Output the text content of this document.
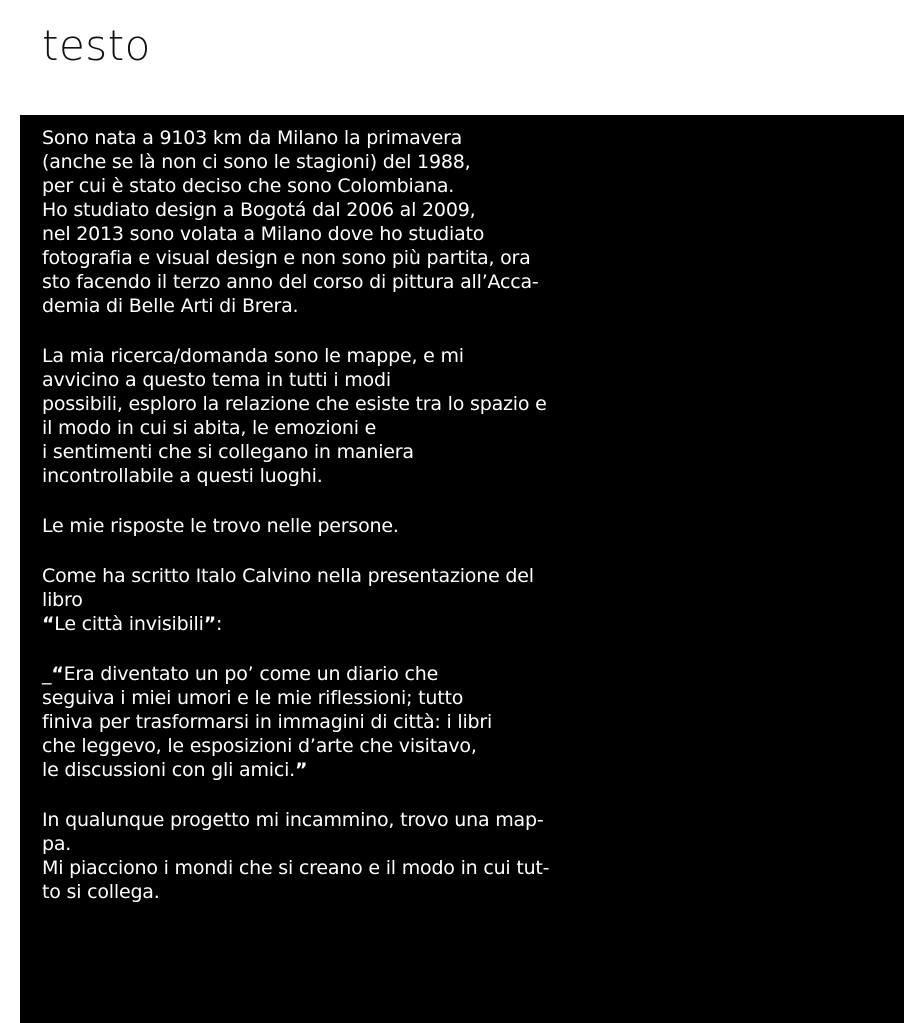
testo

Sono nata a 9103 km da Milano la primavera
(anche se là non ci sono le stagioni) del 1988,
per cui è stato deciso che sono Colombiana.
Ho studiato design a Bogotá dal 2006 al 2009,
nel 2013 sono volata a Milano dove ho studiato
fotografia e visual design e non sono più partita, ora
sto facendo il terzo anno del corso di pittura all’Acca-
demia di Belle Arti di Brera.

La mia ricerca/domanda sono le mappe, e mi
avvicino a questo tema in tutti i modi
possibili, esploro la relazione che esiste tra lo spazio e
il modo in cui si abita, le emozioni e
i sentimenti che si collegano in maniera
incontrollabile a questi luoghi.

Le mie risposte le trovo nelle persone.

Come ha scritto Italo Calvino nella presentazione del
libro
“Le città invisibili”:

_“Era diventato un po’ come un diario che
seguiva i miei umori e le mie riflessioni; tutto
finiva per trasformarsi in immagini di città: i libri
che leggevo, le esposizioni d’arte che visitavo,
le discussioni con gli amici.”

In qualunque progetto mi incammino, trovo una map-
pa.
Mi piacciono i mondi che si creano e il modo in cui tut-
to si collega.
